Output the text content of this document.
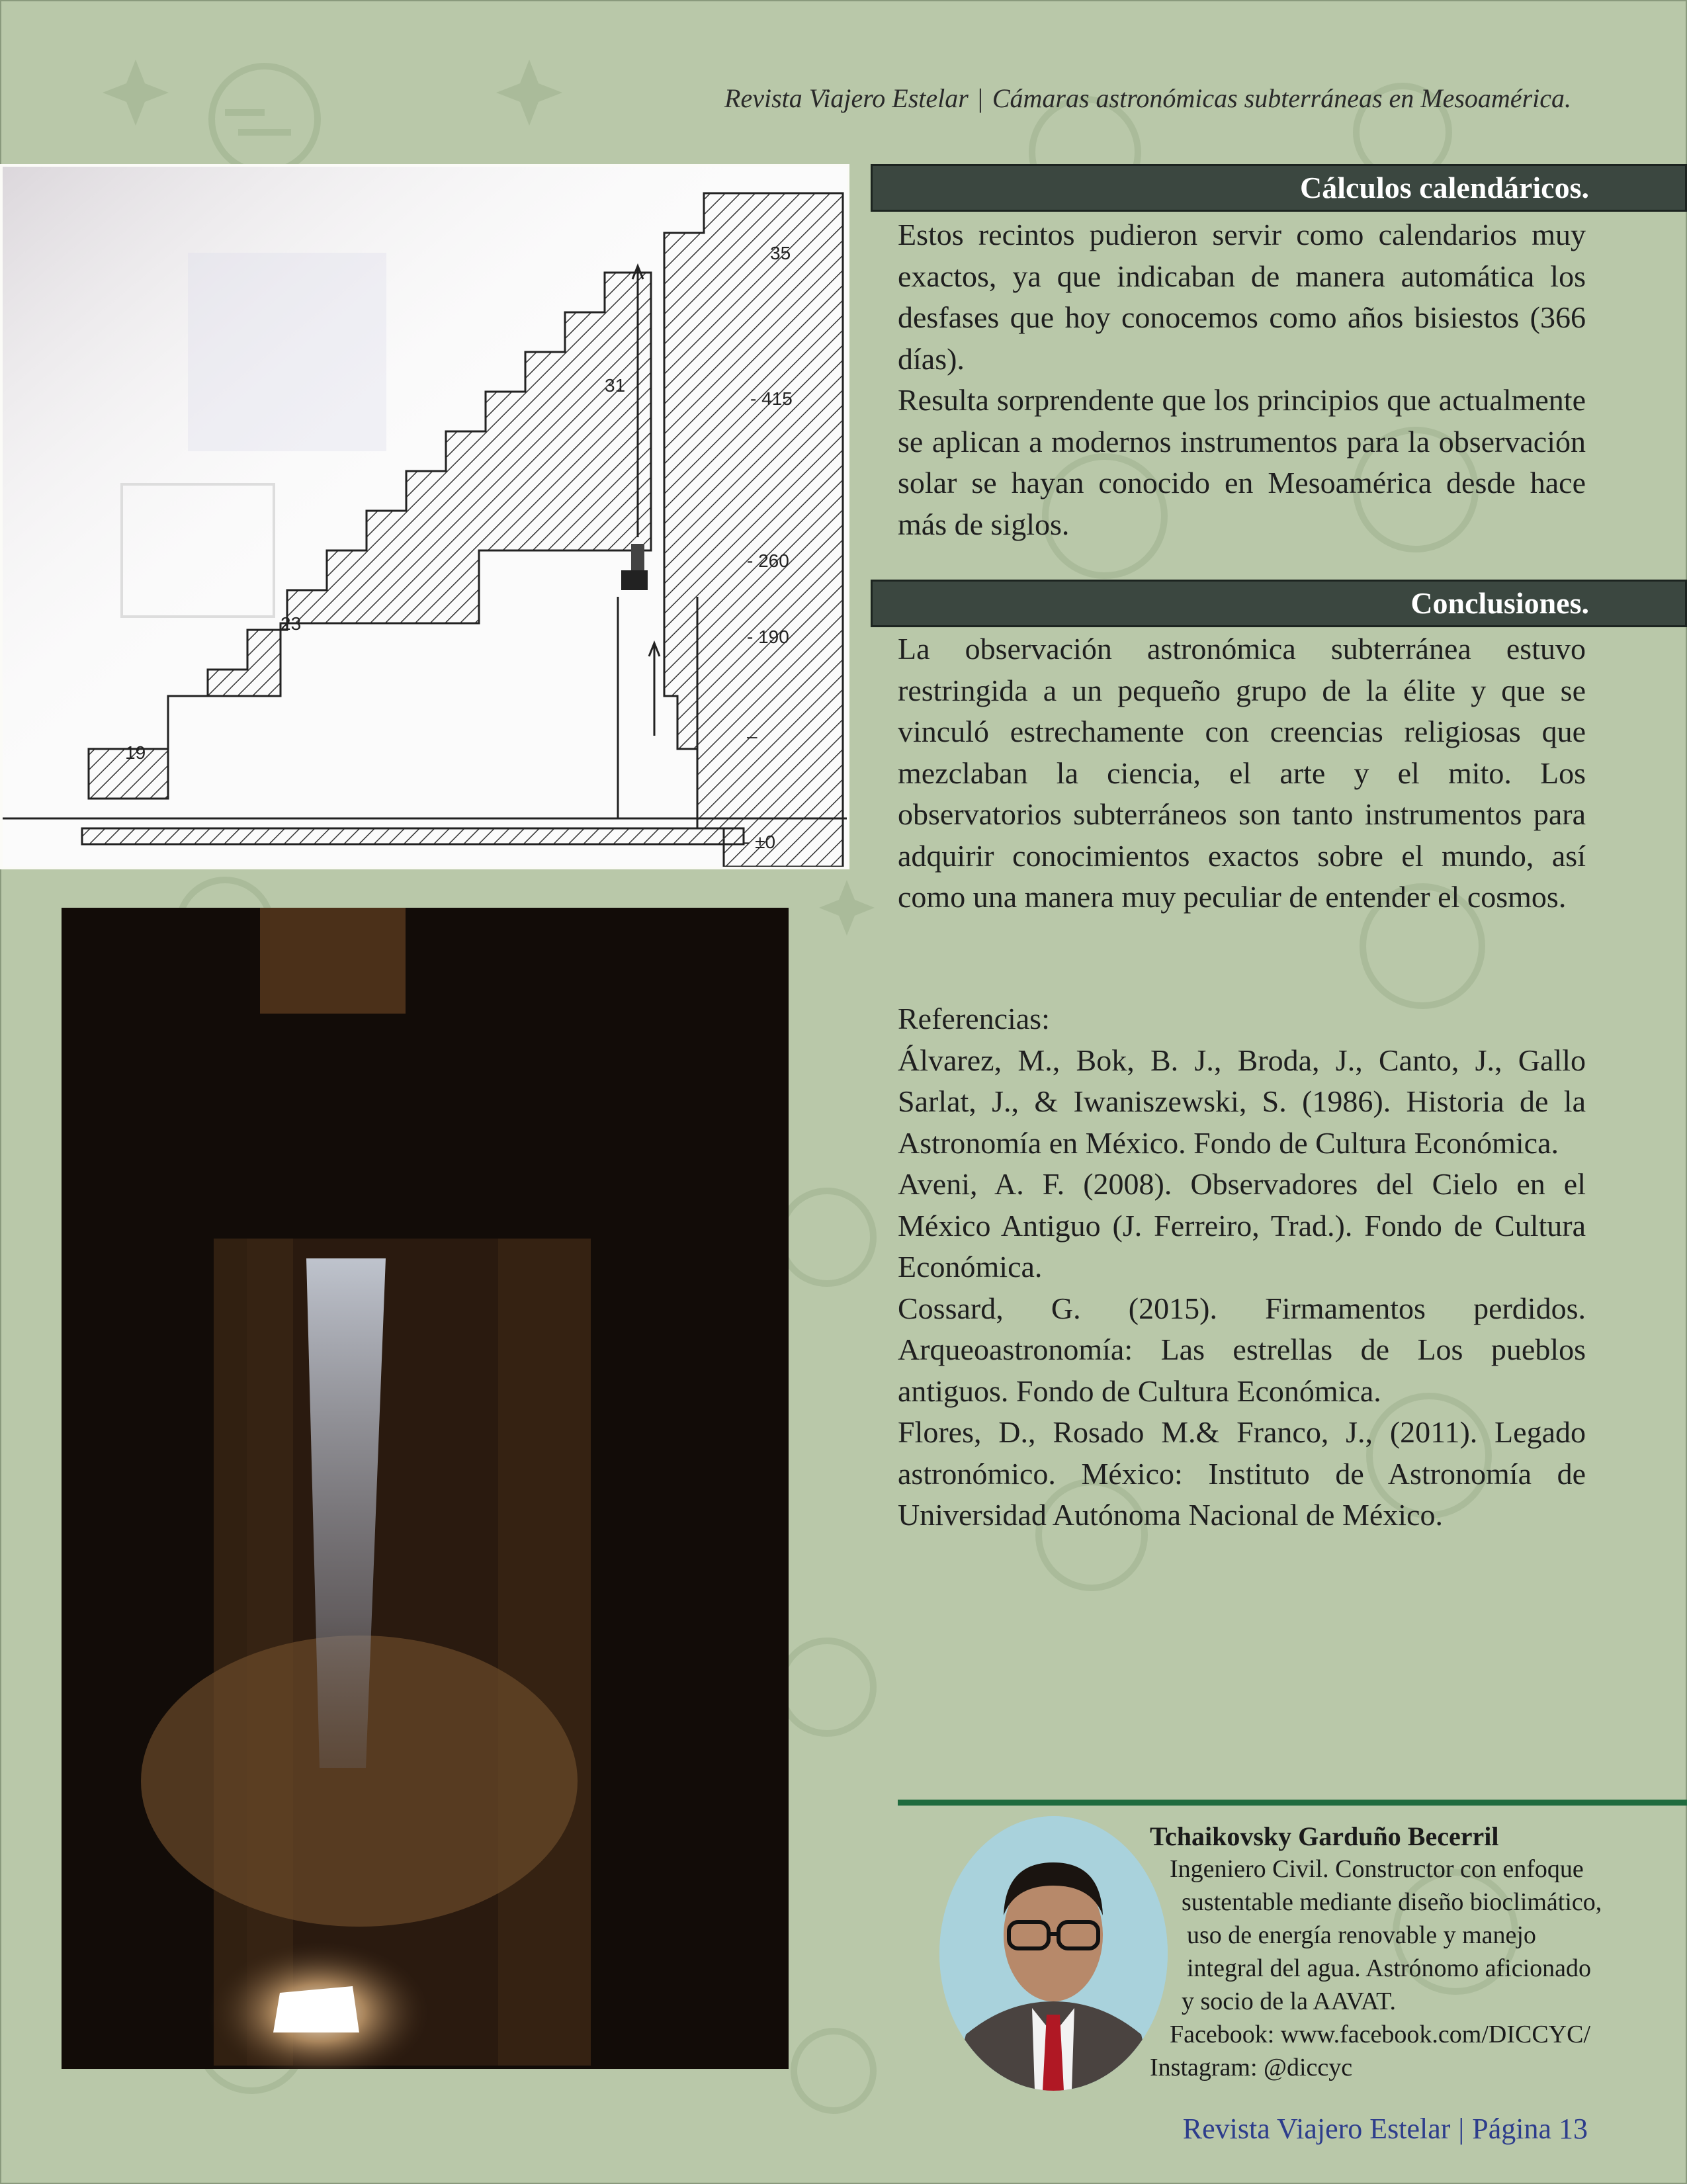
Revista Viajero Estelar | Cámaras astronómicas subterráneas en Mesoamérica.
35
31
23
19
- 415
- 260
- 190
–
- ±0
Cálculos calendáricos.

Estos recintos pudieron servir como calendarios muy exactos, ya que indicaban de manera automática los desfases que hoy conocemos como años bisiestos (366 días).

Resulta sorprendente que los principios que actualmente se aplican a modernos instrumentos para la observación solar se hayan conocido en Mesoamérica desde hace más de siglos.

Conclusiones.

La observación astronómica subterránea estuvo restringida a un pequeño grupo de la élite y que se vinculó estrechamente con creencias religiosas que mezclaban la ciencia, el arte y el mito. Los observatorios subterráneos son tanto instrumentos para adquirir conocimientos exactos sobre el mundo, así como una manera muy peculiar de entender el cosmos.

Referencias:

Álvarez, M., Bok, B. J., Broda, J., Canto, J., Gallo Sarlat, J., & Iwaniszewski, S. (1986). Historia de la Astronomía en México. Fondo de Cultura Económica.

Aveni, A. F. (2008). Observadores del Cielo en el México Antiguo (J. Ferreiro, Trad.). Fondo de Cultura Económica.

Cossard, G. (2015). Firmamentos perdidos. Arqueoastronomía: Las estrellas de Los pueblos antiguos. Fondo de Cultura Económica.

Flores, D., Rosado M.& Franco, J., (2011). Legado astronómico. México: Instituto de Astronomía de Universidad Autónoma Nacional de México.

Tchaikovsky Garduño Becerril
Ingeniero Civil. Constructor con enfoque
sustentable mediante diseño bioclimático,
uso de energía renovable y manejo
integral del agua. Astrónomo aficionado
y socio de la AAVAT.
Facebook: www.facebook.com/DICCYC/
Instagram: @diccyc
Revista Viajero Estelar | Página 13
